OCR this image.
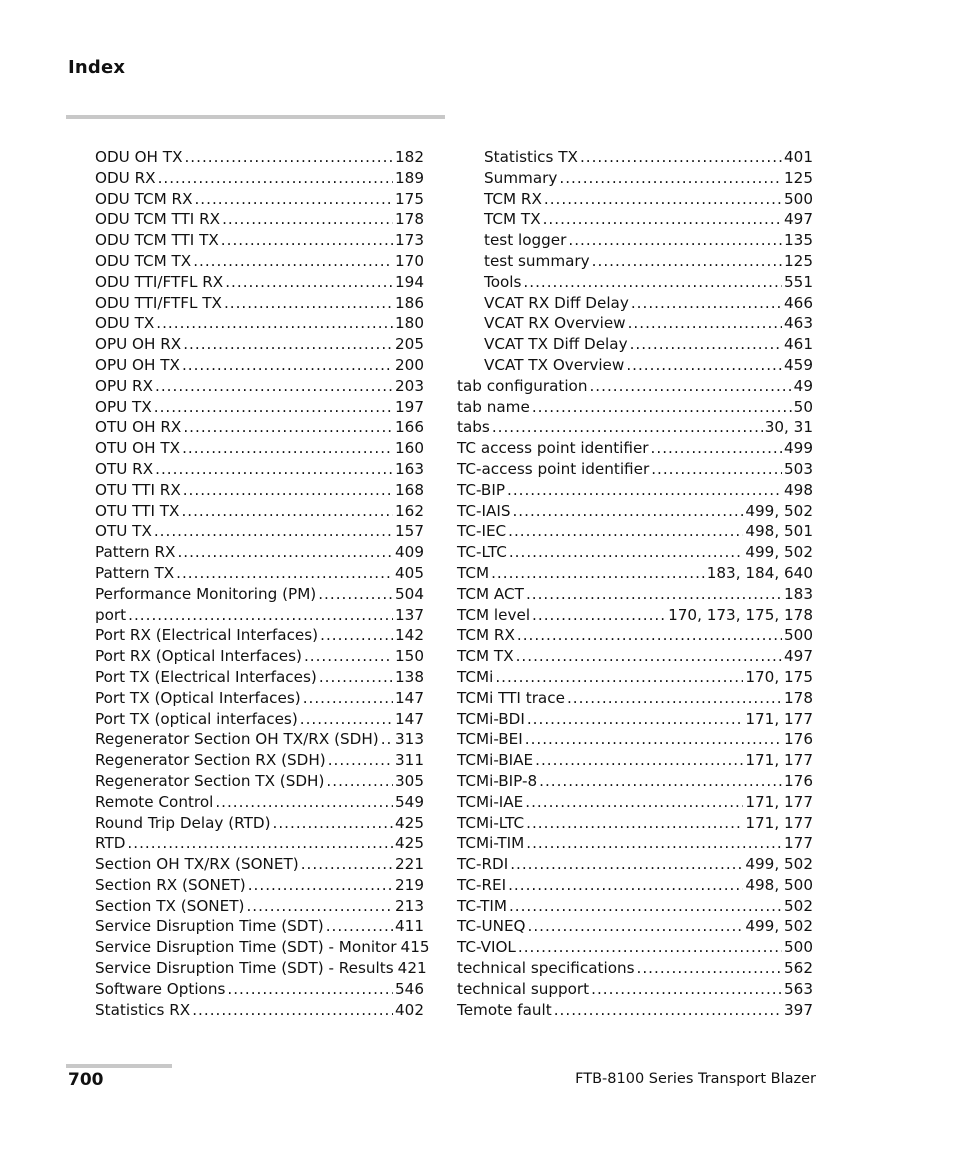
Index
ODU OH TX .....	182
ODU RX .....	189
ODU TCM RX .....	175
ODU TCM TTI RX .....	178
ODU TCM TTI TX .....	173
ODU TCM TX .....	170
ODU TTI/FTFL RX .....	194
ODU TTI/FTFL TX .....	186
ODU TX .....	180
OPU OH RX .....	205
OPU OH TX .....	200
OPU RX .....	203
OPU TX .....	197
OTU OH RX .....	166
OTU OH TX .....	160
OTU RX .....	163
OTU TTI RX .....	168
OTU TTI TX .....	162
OTU TX .....	157
Pattern RX .....	409
Pattern TX .....	405
Performance Monitoring (PM) .....	504
port .....	137
Port RX (Electrical Interfaces) .....	142
Port RX (Optical Interfaces) .....	150
Port TX (Electrical Interfaces) .....	138
Port TX (Optical Interfaces) .....	147
Port TX (optical interfaces) .....	147
Regenerator Section OH TX/RX (SDH) ..... 313
Regenerator Section RX (SDH) .....	311
Regenerator Section TX (SDH) .....	305
Remote Control .....	549
Round Trip Delay (RTD) .....	425
RTD .....	425
Section OH TX/RX (SONET) .....	221
Section RX (SONET) .....	219
Section TX (SONET) .....	213
Service Disruption Time (SDT) .....	411
Service Disruption Time (SDT) - Monitor 415
Service Disruption Time (SDT) - Results 421
Software Options .....	546
Statistics RX .....	402
Statistics TX .....	401
Summary .....	125
TCM RX .....	500
TCM TX .....	497
test logger .....	135
test summary .....	125
Tools .....	551
VCAT RX Diff Delay .....	466
VCAT RX Overview .....	463
VCAT TX Diff Delay .....	461
VCAT TX Overview .....	459
tab configuration .....	49
tab name .....	50
tabs .....	30, 31
TC access point identifier .....	499
TC-access point identifier .....	503
TC-BIP .....	498
TC-IAIS .....	499, 502
TC-IEC .....	498, 501
TC-LTC .....	499, 502
TCM .....	183, 184, 640
TCM ACT .....	183
TCM level .....	170, 173, 175, 178
TCM RX .....	500
TCM TX .....	497
TCMi .....	170, 175
TCMi TTI trace .....	178
TCMi-BDI .....	171, 177
TCMi-BEI .....	176
TCMi-BIAE .....	171, 177
TCMi-BIP-8 .....	176
TCMi-IAE .....	171, 177
TCMi-LTC .....	171, 177
TCMi-TIM .....	177
TC-RDI .....	499, 502
TC-REI .....	498, 500
TC-TIM .....	502
TC-UNEQ .....	499, 502
TC-VIOL .....	500
technical specifications .....	562
technical support .....	563
Temote fault .....	397
700	FTB-8100 Series Transport Blazer
